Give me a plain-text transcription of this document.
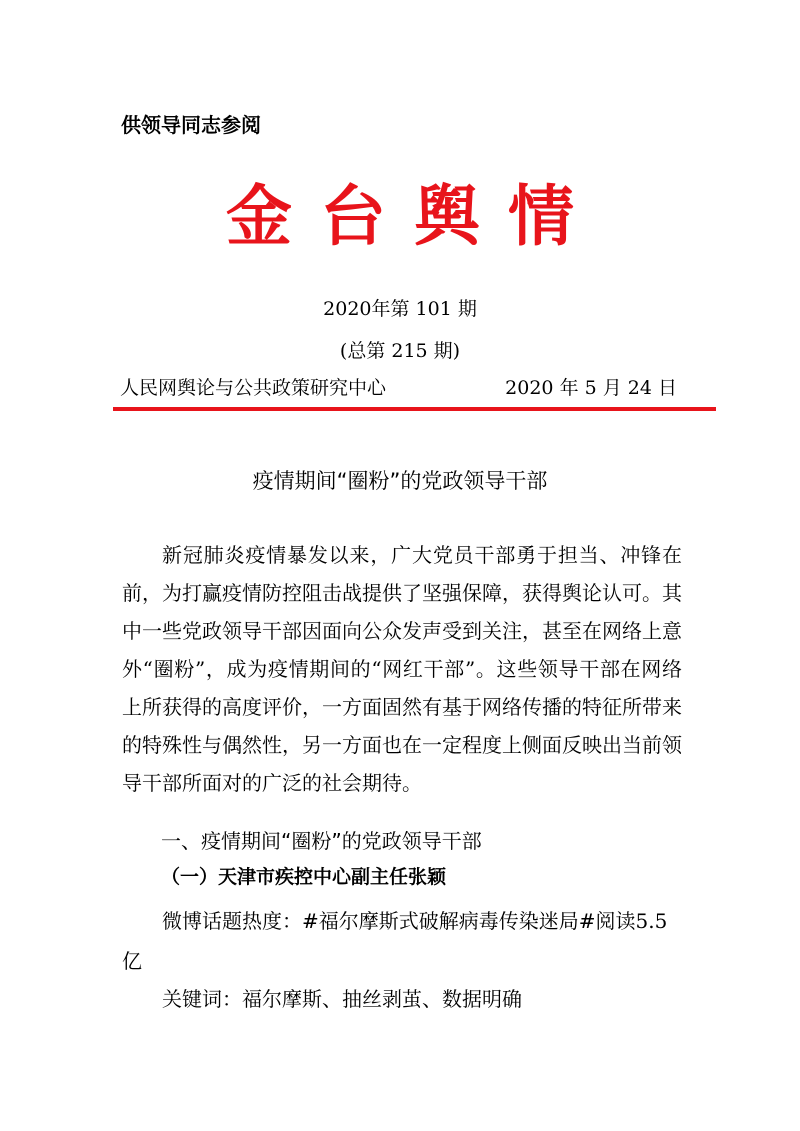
供领导同志参阅
金台舆情
2020年第 101 期
(总第 215 期)
人民网舆论与公共政策研究中心	2020 年 5 月 24 日
疫情期间“圈粉”的党政领导干部
新冠肺炎疫情暴发以来，广大党员干部勇于担当、冲锋在前，为打赢疫情防控阻击战提供了坚强保障，获得舆论认可。其中一些党政领导干部因面向公众发声受到关注，甚至在网络上意外“圈粉”，成为疫情期间的“网红干部”。这些领导干部在网络上所获得的高度评价，一方面固然有基于网络传播的特征所带来的特殊性与偶然性，另一方面也在一定程度上侧面反映出当前领导干部所面对的广泛的社会期待。
一、疫情期间“圈粉”的党政领导干部
（一）天津市疾控中心副主任张颖
微博话题热度：#福尔摩斯式破解病毒传染迷局#阅读5.5 亿
关键词：福尔摩斯、抽丝剥茧、数据明确
